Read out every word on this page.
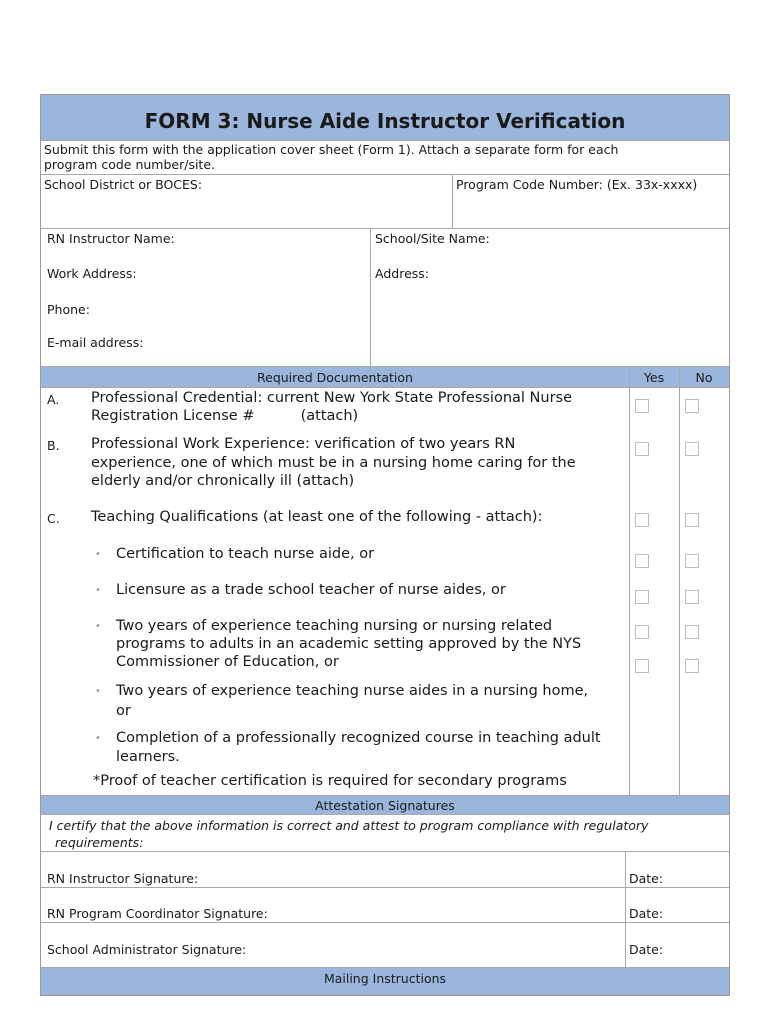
FORM 3: Nurse Aide Instructor Verification
Submit this form with the application cover sheet (Form 1). Attach a separate form for each
program code number/site.
School District or BOCES:	Program Code Number: (Ex. 33x-xxxx)
RN Instructor Name:	School/Site Name:
Work Address:	Address:
Phone:
E-mail address:
Required Documentation	Yes	No
A. Professional Credential: current New York State Professional Nurse
Registration License #          (attach)
B. Professional Work Experience: verification of two years RN
experience, one of which must be in a nursing home caring for the
elderly and/or chronically ill (attach)
C. Teaching Qualifications (at least one of the following - attach):
• Certification to teach nurse aide, or
• Licensure as a trade school teacher of nurse aides, or
• Two years of experience teaching nursing or nursing related
programs to adults in an academic setting approved by the NYS
Commissioner of Education, or
• Two years of experience teaching nurse aides in a nursing home,
or
• Completion of a professionally recognized course in teaching adult
learners.
*Proof of teacher certification is required for secondary programs
Attestation Signatures
I certify that the above information is correct and attest to program compliance with regulatory
requirements:
RN Instructor Signature:	Date:
RN Program Coordinator Signature:	Date:
School Administrator Signature:	Date:
Mailing Instructions
